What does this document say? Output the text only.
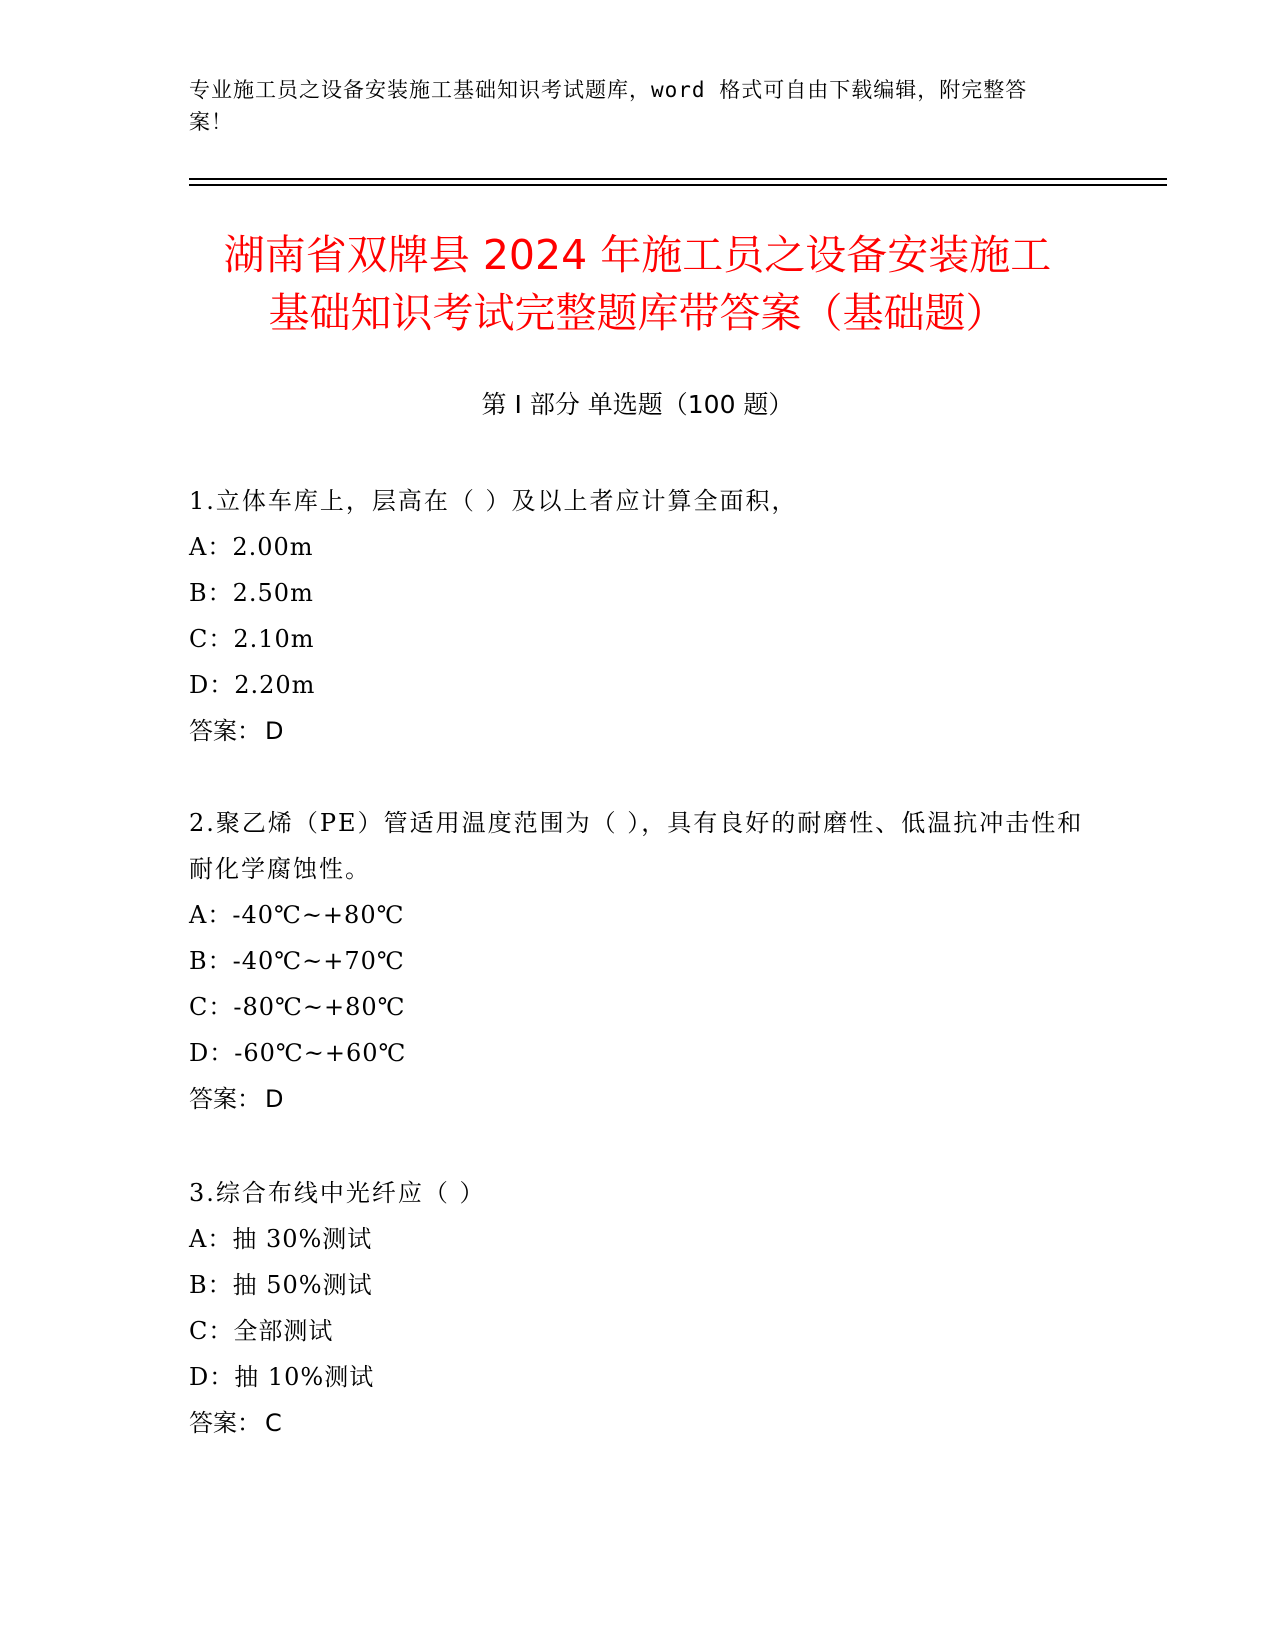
专业施工员之设备安装施工基础知识考试题库，word 格式可自由下载编辑，附完整答案！
湖南省双牌县 2024 年施工员之设备安装施工
基础知识考试完整题库带答案（基础题）
第 I 部分 单选题（100 题）
1.立体车库上，层高在（ ）及以上者应计算全面积，
A：2.00m
B：2.50m
C：2.10m
D：2.20m
答案： D
2.聚乙烯（PE）管适用温度范围为（ ），具有良好的耐磨性、低温抗冲击性和耐化学腐蚀性。
A：-40℃~+80℃
B：-40℃~+70℃
C：-80℃~+80℃
D：-60℃~+60℃
答案： D
3.综合布线中光纤应（ ）
A：抽 30%测试
B：抽 50%测试
C：全部测试
D：抽 10%测试
答案： C
